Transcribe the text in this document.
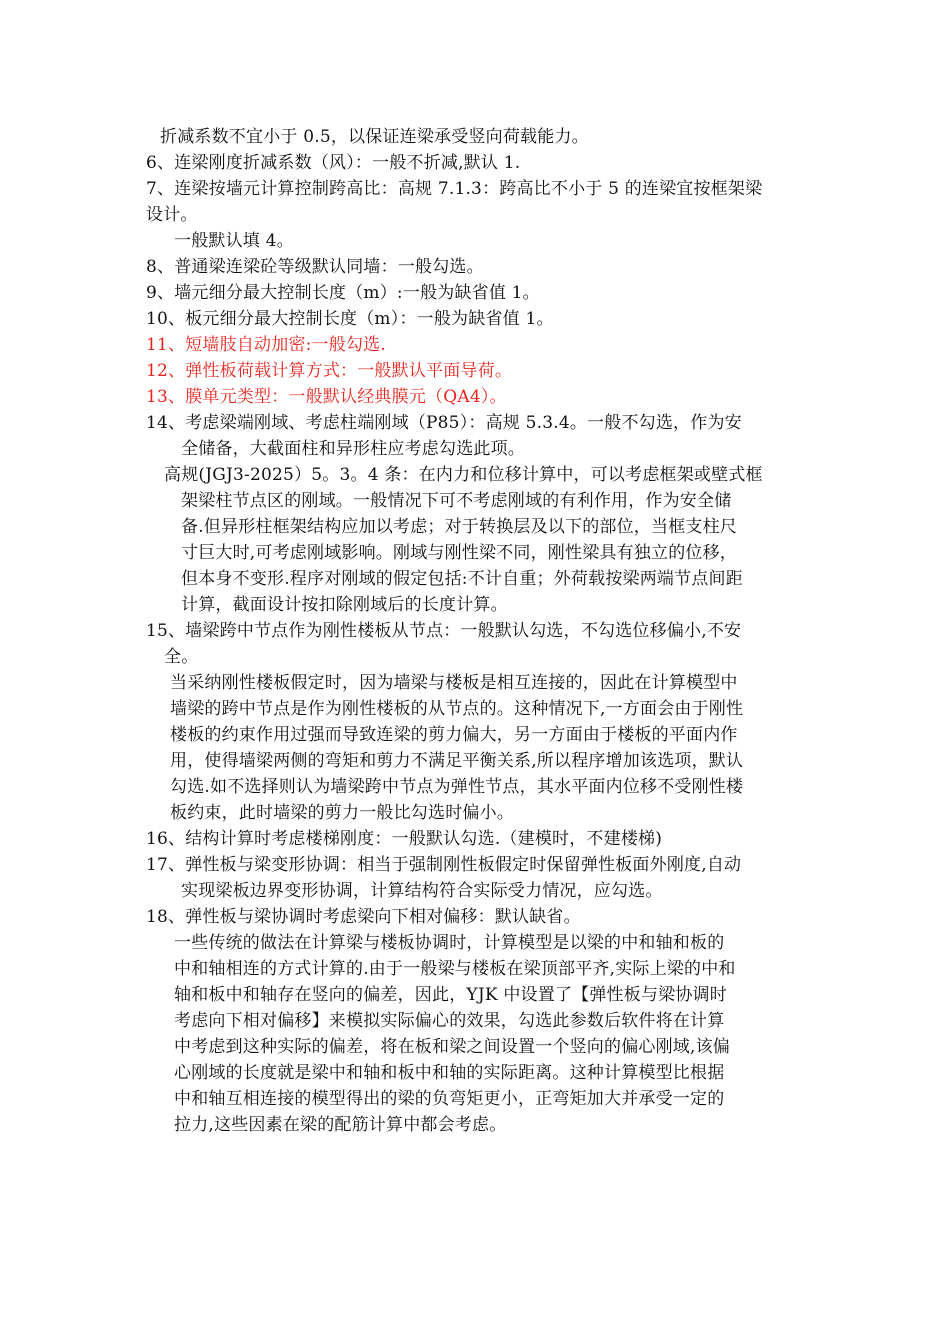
折减系数不宜小于 0.5，以保证连梁承受竖向荷载能力。
6、连梁刚度折减系数（风）：一般不折减,默认 1.
7、连梁按墙元计算控制跨高比：高规 7.1.3：跨高比不小于 5 的连梁宜按框架梁
设计。
一般默认填 4。
8、普通梁连梁砼等级默认同墙：一般勾选。
9、墙元细分最大控制长度（m）:一般为缺省值 1。
10、板元细分最大控制长度（m）：一般为缺省值 1。
11、短墙肢自动加密:一般勾选.
12、弹性板荷载计算方式：一般默认平面导荷。
13、膜单元类型：一般默认经典膜元（QA4）。
14、考虑梁端刚域、考虑柱端刚域（P85）：高规 5.3.4。一般不勾选，作为安
全储备，大截面柱和异形柱应考虑勾选此项。
高规(JGJ3-2025）5。3。4 条：在内力和位移计算中，可以考虑框架或壁式框
架梁柱节点区的刚域。一般情况下可不考虑刚域的有利作用，作为安全储
备.但异形柱框架结构应加以考虑；对于转换层及以下的部位，当框支柱尺
寸巨大时,可考虑刚域影响。刚域与刚性梁不同，刚性梁具有独立的位移，
但本身不变形.程序对刚域的假定包括:不计自重；外荷载按梁两端节点间距
计算，截面设计按扣除刚域后的长度计算。
15、墙梁跨中节点作为刚性楼板从节点：一般默认勾选，不勾选位移偏小,不安
全。
当采纳刚性楼板假定时，因为墙梁与楼板是相互连接的，因此在计算模型中
墙梁的跨中节点是作为刚性楼板的从节点的。这种情况下,一方面会由于刚性
楼板的约束作用过强而导致连梁的剪力偏大，另一方面由于楼板的平面内作
用，使得墙梁两侧的弯矩和剪力不满足平衡关系,所以程序增加该选项，默认
勾选.如不选择则认为墙梁跨中节点为弹性节点，其水平面内位移不受刚性楼
板约束，此时墙梁的剪力一般比勾选时偏小。
16、结构计算时考虑楼梯刚度：一般默认勾选.（建模时，不建楼梯)
17、弹性板与梁变形协调：相当于强制刚性板假定时保留弹性板面外刚度,自动
实现梁板边界变形协调，计算结构符合实际受力情况，应勾选。
18、弹性板与梁协调时考虑梁向下相对偏移：默认缺省。
一些传统的做法在计算梁与楼板协调时，计算模型是以梁的中和轴和板的
中和轴相连的方式计算的.由于一般梁与楼板在梁顶部平齐,实际上梁的中和
轴和板中和轴存在竖向的偏差，因此，YJK 中设置了【弹性板与梁协调时
考虑向下相对偏移】来模拟实际偏心的效果，勾选此参数后软件将在计算
中考虑到这种实际的偏差，将在板和梁之间设置一个竖向的偏心刚域,该偏
心刚域的长度就是梁中和轴和板中和轴的实际距离。这种计算模型比根据
中和轴互相连接的模型得出的梁的负弯矩更小，正弯矩加大并承受一定的
拉力,这些因素在梁的配筋计算中都会考虑。
